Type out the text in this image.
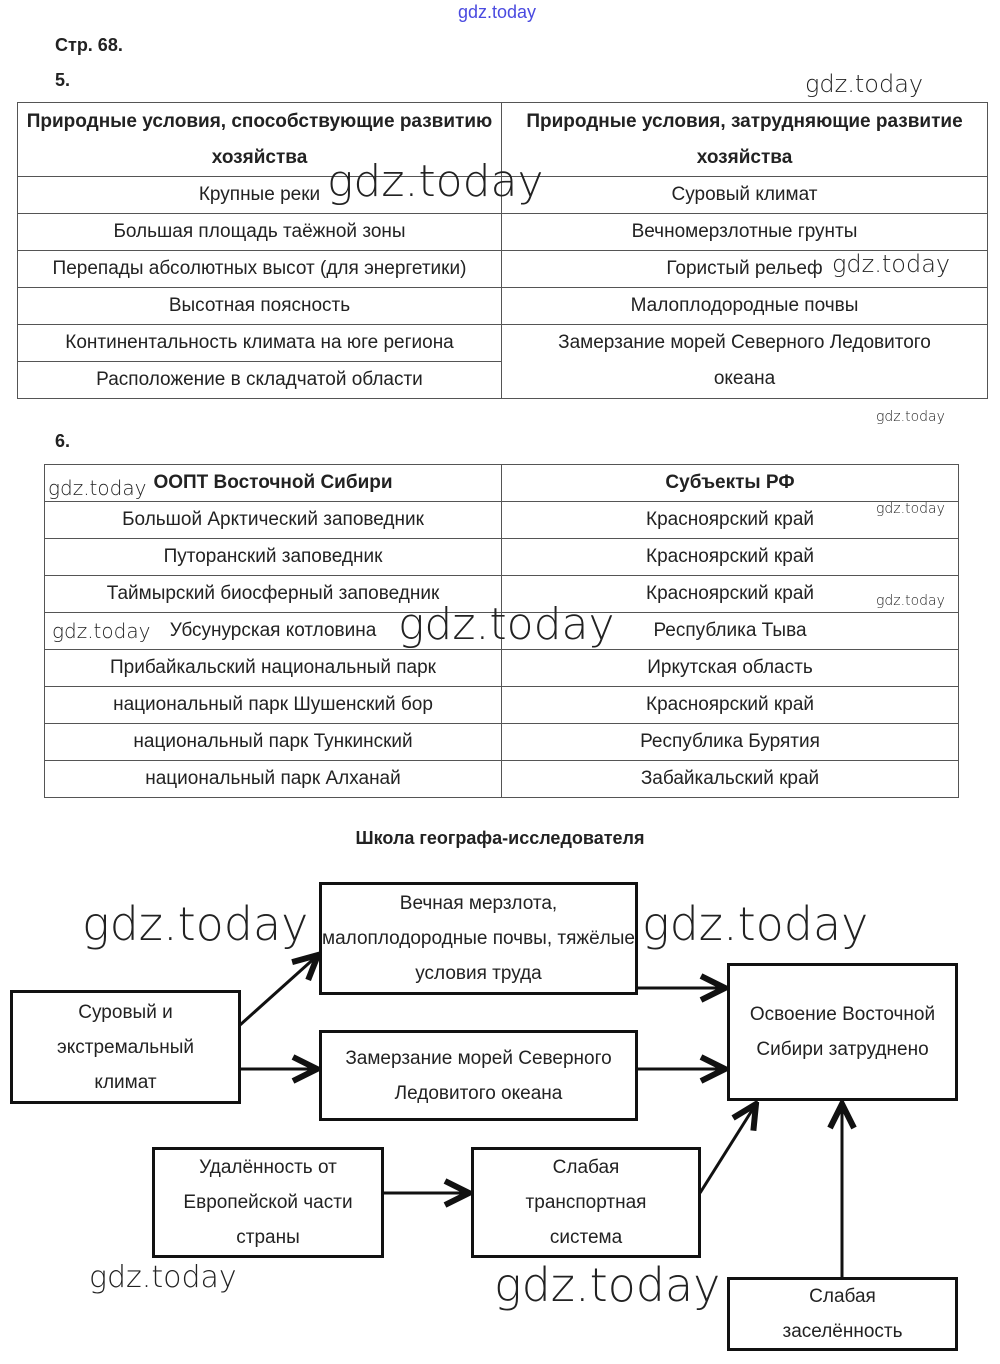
gdz.today
Стр. 68.
5.
Природные условия, способствующие развитию хозяйства	Природные условия, затрудняющие развитие хозяйства
Крупные реки	Суровый климат
Большая площадь таёжной зоны	Вечномерзлотные грунты
Перепады абсолютных высот (для энергетики)	Гористый рельеф
Высотная поясность	Малоплодородные почвы
Континентальность климата на юге региона	Замерзание морей Северного Ледовитого океана
Расположение в складчатой области	
6.
ООПТ Восточной Сибири	Субъекты РФ
Большой Арктический заповедник	Красноярский край
Путоранский заповедник	Красноярский край
Таймырский биосферный заповедник	Красноярский край
Убсунурская котловина	Республика Тыва
Прибайкальский национальный парк	Иркутская область
национальный парк Шушенский бор	Красноярский край
национальный парк Тункинский	Республика Бурятия
национальный парк Алханай	Забайкальский край
Школа географа-исследователя
Вечная мерзлота, малоплодородные почвы, тяжёлые условия труда
Суровый и экстремальный климат
Замерзание морей Северного Ледовитого океана
Освоение Восточной Сибири затруднено
Удалённость от Европейской части страны
Слабая транспортная система
Слабая заселённость
gdz.today
gdz.today
gdz.today
gdz.today
gdz.today
gdz.today
gdz.today
gdz.today	gdz.today
gdz.today	gdz.today
gdz.today	gdz.today
